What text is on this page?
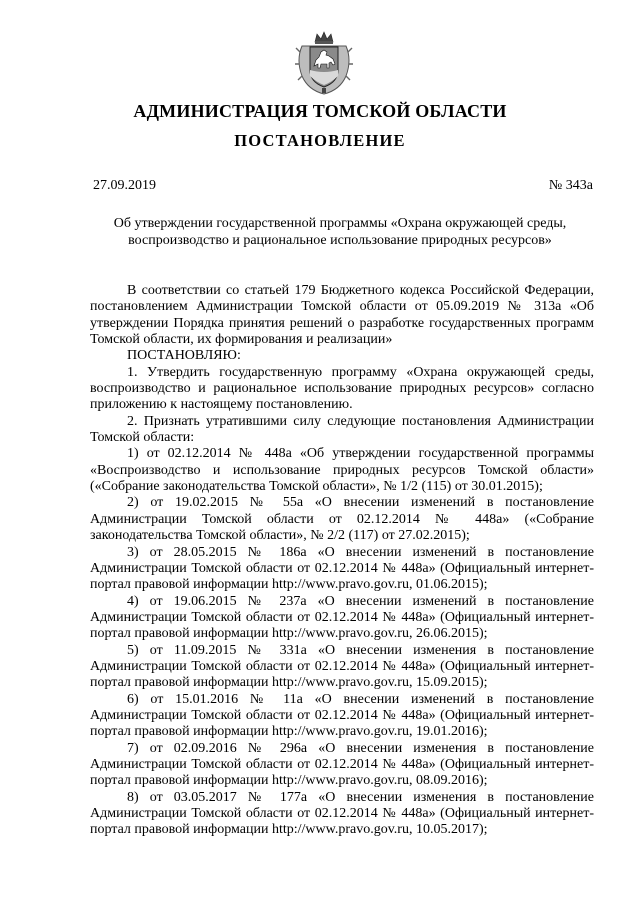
АДМИНИСТРАЦИЯ ТОМСКОЙ ОБЛАСТИ
ПОСТАНОВЛЕНИЕ
27.09.2019	№ 343а
Об утверждении государственной программы «Охрана окружающей среды,
воспроизводство и рациональное использование природных ресурсов»

В соответствии со статьей 179 Бюджетного кодекса Российской Федерации, постановлением Администрации Томской области от 05.09.2019 № 313а «Об утверждении Порядка принятия решений о разработке государственных программ Томской области, их формирования и реализации»

ПОСТАНОВЛЯЮ:

1. Утвердить государственную программу «Охрана окружающей среды, воспроизводство и рациональное использование природных ресурсов» согласно приложению к настоящему постановлению.

2. Признать утратившими силу следующие постановления Администрации Томской области:

1) от 02.12.2014 № 448а «Об утверждении государственной программы «Воспроизводство и использование природных ресурсов Томской области» («Собрание законодательства Томской области», № 1/2 (115) от 30.01.2015);

2) от 19.02.2015 № 55а «О внесении изменений в постановление Администрации Томской области от 02.12.2014 № 448а» («Собрание законодательства Томской области», № 2/2 (117) от 27.02.2015);

3) от 28.05.2015 № 186а «О внесении изменений в постановление Администрации Томской области от 02.12.2014 № 448а» (Официальный интернет-портал правовой информации http://www.pravo.gov.ru, 01.06.2015);

4) от 19.06.2015 № 237а «О внесении изменений в постановление Администрации Томской области от 02.12.2014 № 448а» (Официальный интернет-портал правовой информации http://www.pravo.gov.ru, 26.06.2015);

5) от 11.09.2015 № 331а «О внесении изменения в постановление Администрации Томской области от 02.12.2014 № 448а» (Официальный интернет-портал правовой информации http://www.pravo.gov.ru, 15.09.2015);

6) от 15.01.2016 № 11а «О внесении изменений в постановление Администрации Томской области от 02.12.2014 № 448а» (Официальный интернет-портал правовой информации http://www.pravo.gov.ru, 19.01.2016);

7) от 02.09.2016 № 296а «О внесении изменения в постановление Администрации Томской области от 02.12.2014 № 448а» (Официальный интернет-портал правовой информации http://www.pravo.gov.ru, 08.09.2016);

8) от 03.05.2017 № 177а «О внесении изменения в постановление Администрации Томской области от 02.12.2014 № 448а» (Официальный интернет-портал правовой информации http://www.pravo.gov.ru, 10.05.2017);
